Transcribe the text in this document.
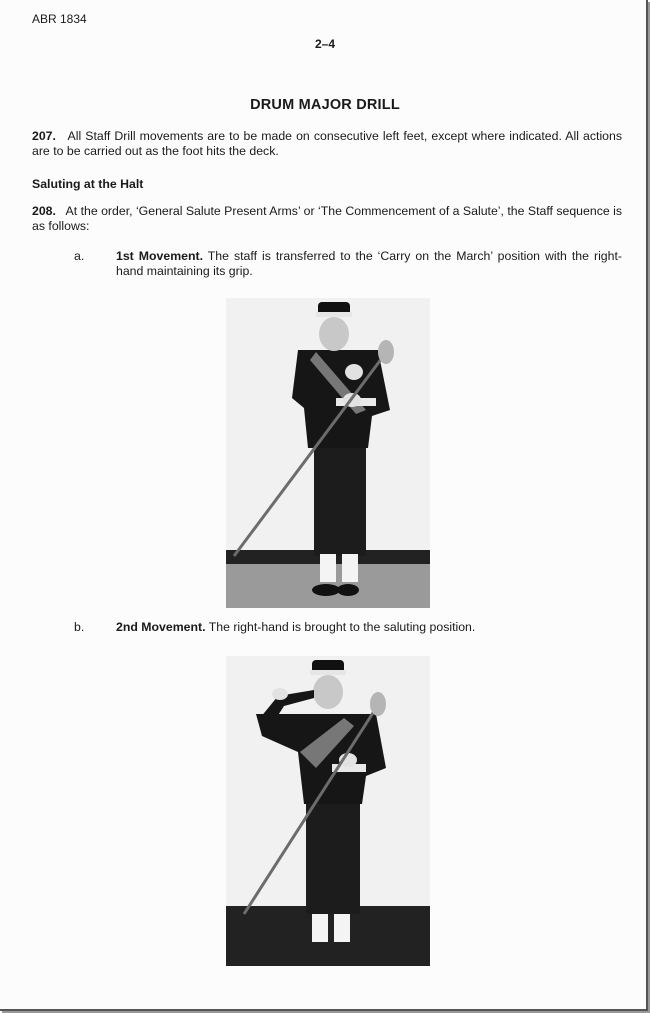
ABR 1834
2–4
DRUM MAJOR DRILL
207. All Staff Drill movements are to be made on consecutive left feet, except where indicated. All actions are to be carried out as the foot hits the deck.
Saluting at the Halt
208. At the order, ‘General Salute Present Arms’ or ‘The Commencement of a Salute’, the Staff sequence is as follows:
a.	1st Movement. The staff is transferred to the ‘Carry on the March’ position with the right-hand maintaining its grip.
b.	2nd Movement. The right-hand is brought to the saluting position.
